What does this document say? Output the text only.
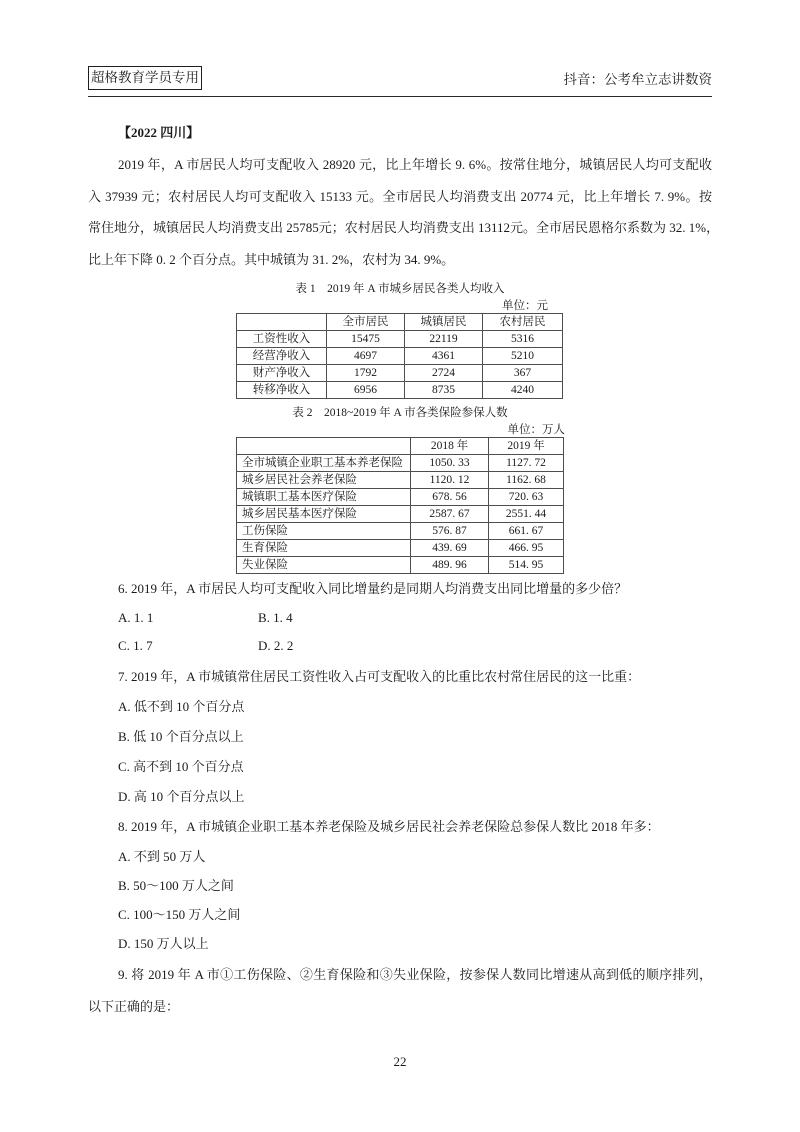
超格教育学员专用	抖音：公考牟立志讲数资
【2022 四川】
2019 年，A 市居民人均可支配收入 28920 元，比上年增长 9. 6%。按常住地分，城镇居民人均可支配收
入 37939 元；农村居民人均可支配收入 15133 元。全市居民人均消费支出 20774 元，比上年增长 7. 9%。按
常住地分，城镇居民人均消费支出 25785元；农村居民人均消费支出 13112元。全市居民恩格尔系数为 32. 1%，
比上年下降 0. 2 个百分点。其中城镇为 31. 2%，农村为 34. 9%。
表 1　2019 年 A 市城乡居民各类人均收入
单位：元
	全市居民	城镇居民	农村居民
工资性收入	15475	22119	5316
经营净收入	4697	4361	5210
财产净收入	1792	2724	367
转移净收入	6956	8735	4240
表 2　2018~2019 年 A 市各类保险参保人数
单位：万人
	2018 年	2019 年
全市城镇企业职工基本养老保险	1050. 33	1127. 72
城乡居民社会养老保险	1120. 12	1162. 68
城镇职工基本医疗保险	678. 56	720. 63
城乡居民基本医疗保险	2587. 67	2551. 44
工伤保险	576. 87	661. 67
生育保险	439. 69	466. 95
失业保险	489. 96	514. 95
6. 2019 年，A 市居民人均可支配收入同比增量约是同期人均消费支出同比增量的多少倍？
A. 1. 1	B. 1. 4
C. 1. 7	D. 2. 2
7. 2019 年，A 市城镇常住居民工资性收入占可支配收入的比重比农村常住居民的这一比重：
A. 低不到 10 个百分点
B. 低 10 个百分点以上
C. 高不到 10 个百分点
D. 高 10 个百分点以上
8. 2019 年，A 市城镇企业职工基本养老保险及城乡居民社会养老保险总参保人数比 2018 年多：
A. 不到 50 万人
B. 50～100 万人之间
C. 100～150 万人之间
D. 150 万人以上
9. 将 2019 年 A 市①工伤保险、②生育保险和③失业保险，按参保人数同比增速从高到低的顺序排列，
以下正确的是：
22
